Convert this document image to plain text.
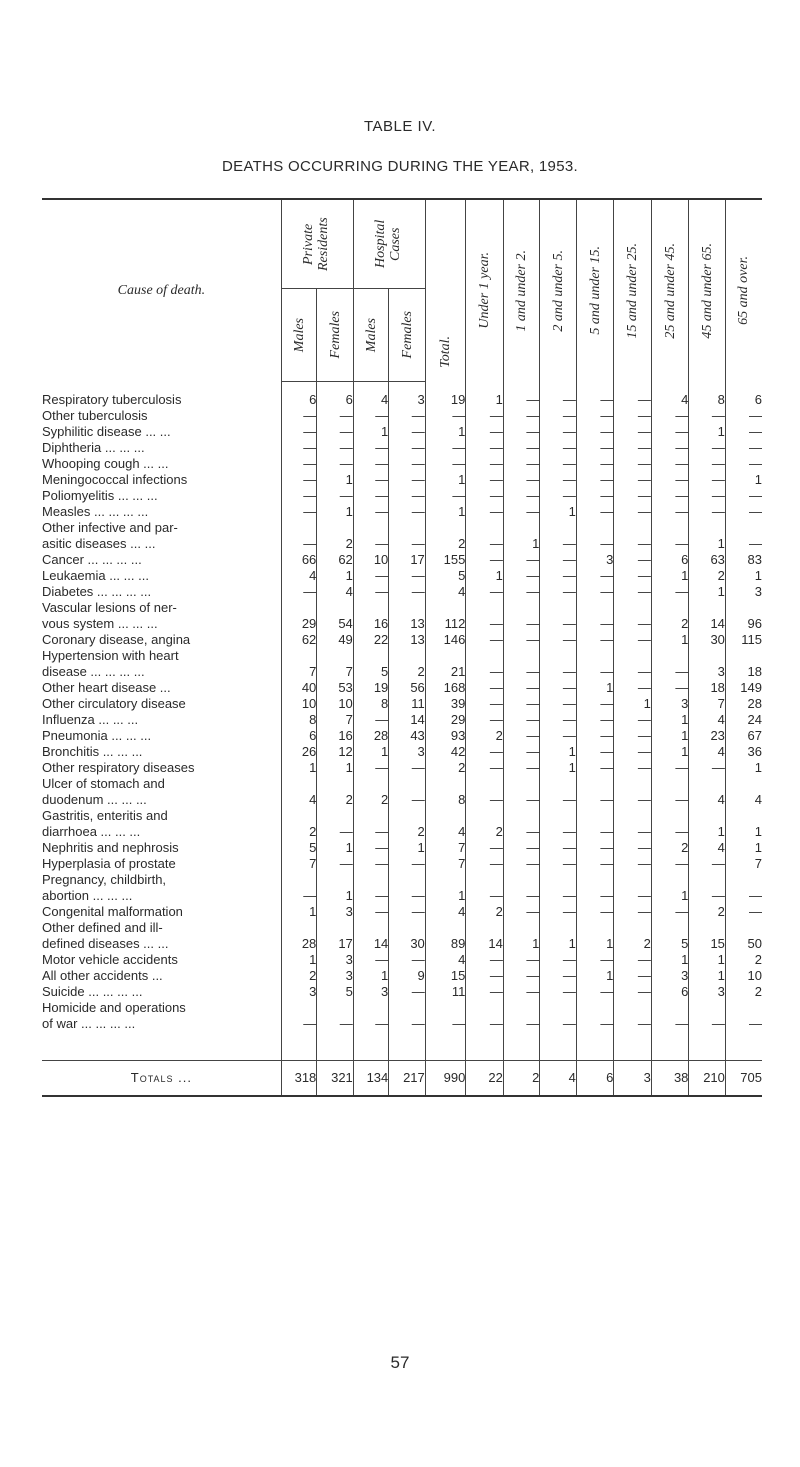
TABLE IV.
DEATHS OCCURRING DURING THE YEAR, 1953.
Cause of death.	Private Residents		Hospital Cases		Total.	Under 1 year.	1 and under 2.	2 and under 5.	5 and under 15.	15 and under 25.	25 and under 45.	45 and under 65.	65 and over.

	Males	Females	Males	Females									

Respiratory tuberculosis	6	6	4	3	19	1	—	—	—	—	4	8	6

Other tuberculosis	—	—	—	—	—	—	—	—	—	—	—	—	—

Syphilitic disease ... ...	—	—	1	—	1	—	—	—	—	—	—	1	—

Diphtheria ... ... ...	—	—	—	—	—	—	—	—	—	—	—	—	—

Whooping cough ... ...	—	—	—	—	—	—	—	—	—	—	—	—	—

Meningococcal infections	—	1	—	—	1	—	—	—	—	—	—	—	1

Poliomyelitis ... ... ...	—	—	—	—	—	—	—	—	—	—	—	—	—

Measles ... ... ... ...	—	1	—	—	1	—	—	1	—	—	—	—	—

Other infective and par-
asitic diseases ... ...	—	2	—	—	2	—	1	—	—	—	—	1	—

Cancer ... ... ... ...	66	62	10	17	155	—	—	—	3	—	6	63	83

Leukaemia ... ... ...	4	1	—	—	5	1	—	—	—	—	1	2	1

Diabetes ... ... ... ...	—	4	—	—	4	—	—	—	—	—	—	1	3

Vascular lesions of ner-
vous system ... ... ...	29	54	16	13	112	—	—	—	—	—	2	14	96

Coronary disease, angina	62	49	22	13	146	—	—	—	—	—	1	30	115

Hypertension with heart
disease ... ... ... ...	7	7	5	2	21	—	—	—	—	—	—	3	18

Other heart disease ...	40	53	19	56	168	—	—	—	1	—	—	18	149

Other circulatory disease	10	10	8	11	39	—	—	—	—	1	3	7	28

Influenza ... ... ...	8	7	—	14	29	—	—	—	—	—	1	4	24

Pneumonia ... ... ...	6	16	28	43	93	2	—	—	—	—	1	23	67

Bronchitis ... ... ...	26	12	1	3	42	—	—	1	—	—	1	4	36

Other respiratory diseases	1	1	—	—	2	—	—	1	—	—	—	—	1

Ulcer of stomach and
duodenum ... ... ...	4	2	2	—	8	—	—	—	—	—	—	4	4

Gastritis, enteritis and
diarrhoea ... ... ...	2	—	—	2	4	2	—	—	—	—	—	1	1

Nephritis and nephrosis	5	1	—	1	7	—	—	—	—	—	2	4	1

Hyperplasia of prostate	7	—	—	—	7	—	—	—	—	—	—	—	7

Pregnancy, childbirth,
abortion ... ... ...	—	1	—	—	1	—	—	—	—	—	1	—	—

Congenital malformation	1	3	—	—	4	2	—	—	—	—	—	2	—

Other defined and ill-
defined diseases ... ...	28	17	14	30	89	14	1	1	1	2	5	15	50

Motor vehicle accidents	1	3	—	—	4	—	—	—	—	—	1	1	2

All other accidents ...	2	3	1	9	15	—	—	—	1	—	3	1	10

Suicide ... ... ... ...	3	5	3	—	11	—	—	—	—	—	6	3	2

Homicide and operations
of war ... ... ... ...	—	—	—	—	—	—	—	—	—	—	—	—	—

Totals ...	318	321	134	217	990	22	2	4	6	3	38	210	705
57
